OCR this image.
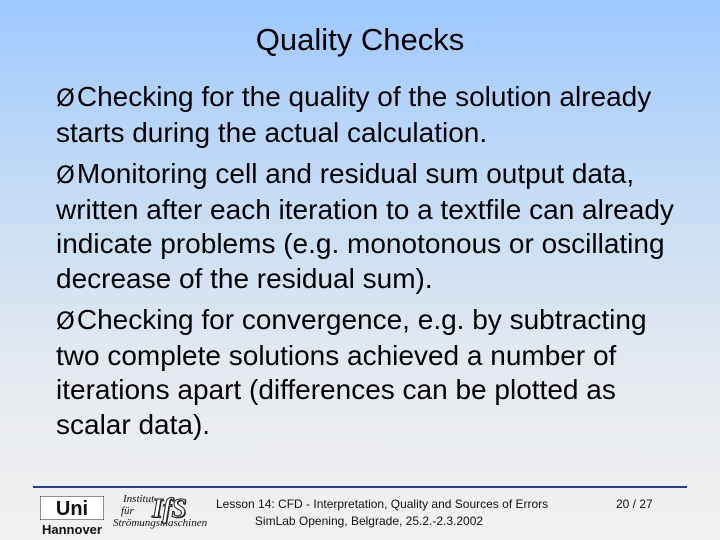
Quality Checks
ØChecking for the quality of the solution already starts during the actual calculation.
ØMonitoring cell and residual sum output data, written after each iteration to a textfile can already indicate problems (e.g. monotonous or oscillating decrease of the residual sum).
ØChecking for convergence, e.g. by subtracting two complete solutions achieved a number of iterations apart (differences can be plotted as scalar data).
Uni
Hannover
Institut
für
Strömungsmaschinen
IfS Lesson 14: CFD - Interpretation, Quality and Sources of Errors	20 / 27
SimLab Opening, Belgrade, 25.2.-2.3.2002
